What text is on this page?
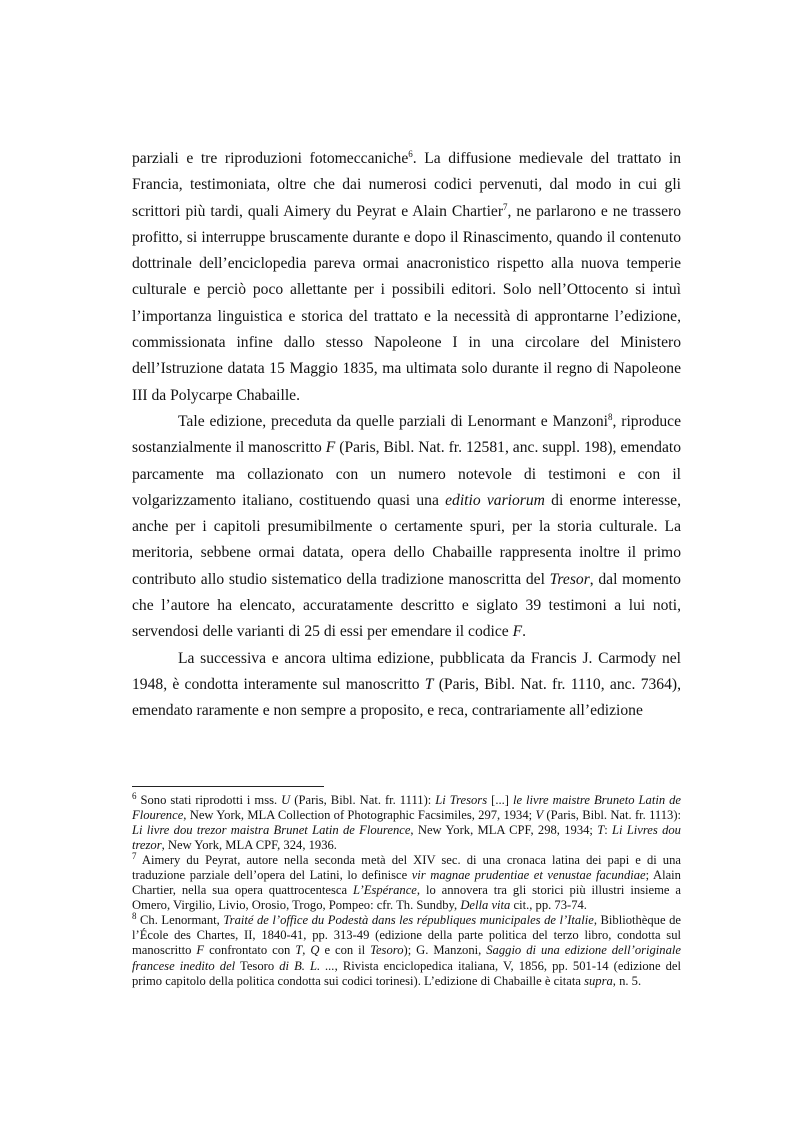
parziali e tre riproduzioni fotomeccaniche$^6$. La diffusione medievale del trattato in Francia, testimoniata, oltre che dai numerosi codici pervenuti, dal modo in cui gli scrittori più tardi, quali Aimery du Peyrat e Alain Chartier$^7$, ne parlarono e ne trassero profitto, si interruppe bruscamente durante e dopo il Rinascimento, quando il contenuto dottrinale dell’enciclopedia pareva ormai anacronistico rispetto alla nuova temperie culturale e perciò poco allettante per i possibili editori. Solo nell’Ottocento si intuì l’importanza linguistica e storica del trattato e la necessità di approntarne l’edizione, commissionata infine dallo stesso Napoleone I in una circolare del Ministero dell’Istruzione datata 15 Maggio 1835, ma ultimata solo durante il regno di Napoleone III da Polycarpe Chabaille.

Tale edizione, preceduta da quelle parziali di Lenormant e Manzoni$^8$, riproduce sostanzialmente il manoscritto F (Paris, Bibl. Nat. fr. 12581, anc. suppl. 198), emendato parcamente ma collazionato con un numero notevole di testimoni e con il volgarizzamento italiano, costituendo quasi una editio variorum di enorme interesse, anche per i capitoli presumibilmente o certamente spuri, per la storia culturale. La meritoria, sebbene ormai datata, opera dello Chabaille rappresenta inoltre il primo contributo allo studio sistematico della tradizione manoscritta del Tresor, dal momento che l’autore ha elencato, accuratamente descritto e siglato 39 testimoni a lui noti, servendosi delle varianti di 25 di essi per emendare il codice F.

La successiva e ancora ultima edizione, pubblicata da Francis J. Carmody nel 1948, è condotta interamente sul manoscritto T (Paris, Bibl. Nat. fr. 1110, anc. 7364), emendato raramente e non sempre a proposito, e reca, contrariamente all’edizione

$^6$ Sono stati riprodotti i mss. U (Paris, Bibl. Nat. fr. 1111): Li Tresors [...] le livre maistre Bruneto Latin de Flourence, New York, MLA Collection of Photographic Facsimiles, 297, 1934; V (Paris, Bibl. Nat. fr. 1113): Li livre dou trezor maistra Brunet Latin de Flourence, New York, MLA CPF, 298, 1934; T: Li Livres dou trezor, New York, MLA CPF, 324, 1936.

$^7$ Aimery du Peyrat, autore nella seconda metà del XIV sec. di una cronaca latina dei papi e di una traduzione parziale dell’opera del Latini, lo definisce vir magnae prudentiae et venustae facundiae; Alain Chartier, nella sua opera quattrocentesca L’Espérance, lo annovera tra gli storici più illustri insieme a Omero, Virgilio, Livio, Orosio, Trogo, Pompeo: cfr. Th. Sundby, Della vita cit., pp. 73-74.

$^8$ Ch. Lenormant, Traité de l’office du Podestà dans les républiques municipales de l’Italie, Bibliothèque de l’École des Chartes, II, 1840-41, pp. 313-49 (edizione della parte politica del terzo libro, condotta sul manoscritto F confrontato con T, Q e con il Tesoro); G. Manzoni, Saggio di una edizione dell’originale francese inedito del Tesoro di B. L. ..., Rivista enciclopedica italiana, V, 1856, pp. 501-14 (edizione del primo capitolo della politica condotta sui codici torinesi). L’edizione di Chabaille è citata supra, n. 5.
